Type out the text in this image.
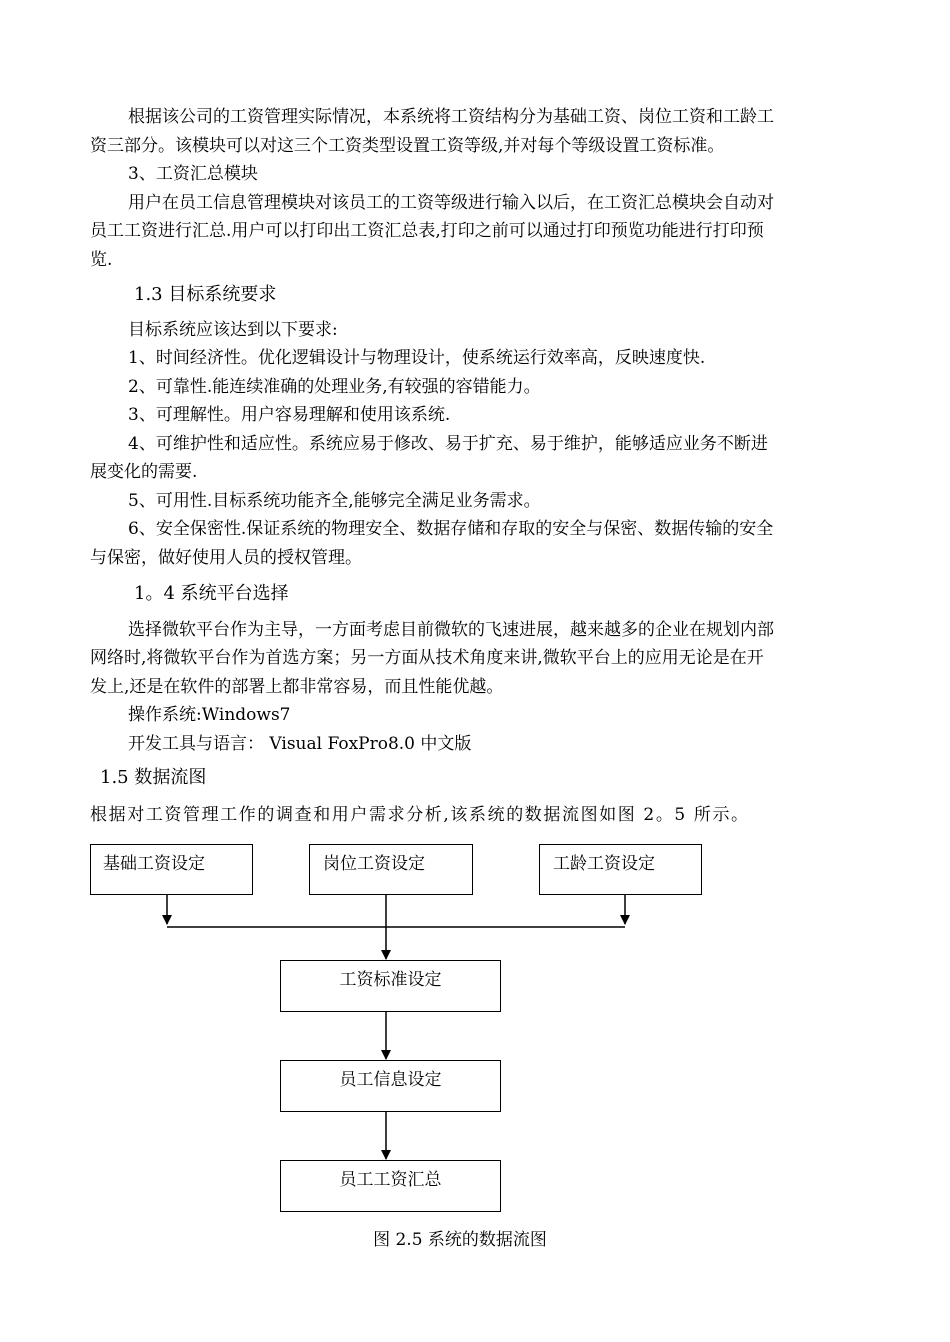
根据该公司的工资管理实际情况，本系统将工资结构分为基础工资、岗位工资和工龄工
资三部分。该模块可以对这三个工资类型设置工资等级,并对每个等级设置工资标准。
3、工资汇总模块
用户在员工信息管理模块对该员工的工资等级进行输入以后，在工资汇总模块会自动对
员工工资进行汇总.用户可以打印出工资汇总表,打印之前可以通过打印预览功能进行打印预
览.
1.3 目标系统要求
目标系统应该达到以下要求:
1、时间经济性。优化逻辑设计与物理设计，使系统运行效率高，反映速度快.
2、可靠性.能连续准确的处理业务,有较强的容错能力。
3、可理解性。用户容易理解和使用该系统.
4、可维护性和适应性。系统应易于修改、易于扩充、易于维护，能够适应业务不断进
展变化的需要.
5、可用性.目标系统功能齐全,能够完全满足业务需求。
6、安全保密性.保证系统的物理安全、数据存储和存取的安全与保密、数据传输的安全
与保密，做好使用人员的授权管理。
1。4 系统平台选择
选择微软平台作为主导，一方面考虑目前微软的飞速进展，越来越多的企业在规划内部
网络时,将微软平台作为首选方案；另一方面从技术角度来讲,微软平台上的应用无论是在开
发上,还是在软件的部署上都非常容易，而且性能优越。
操作系统:Windows7
开发工具与语言： Visual FoxPro8.0 中文版
1.5 数据流图
根据对工资管理工作的调查和用户需求分析,该系统的数据流图如图 2。5 所示。
基础工资设定	岗位工资设定	工龄工资设定
工资标准设定
员工信息设定
员工工资汇总
图 2.5 系统的数据流图
